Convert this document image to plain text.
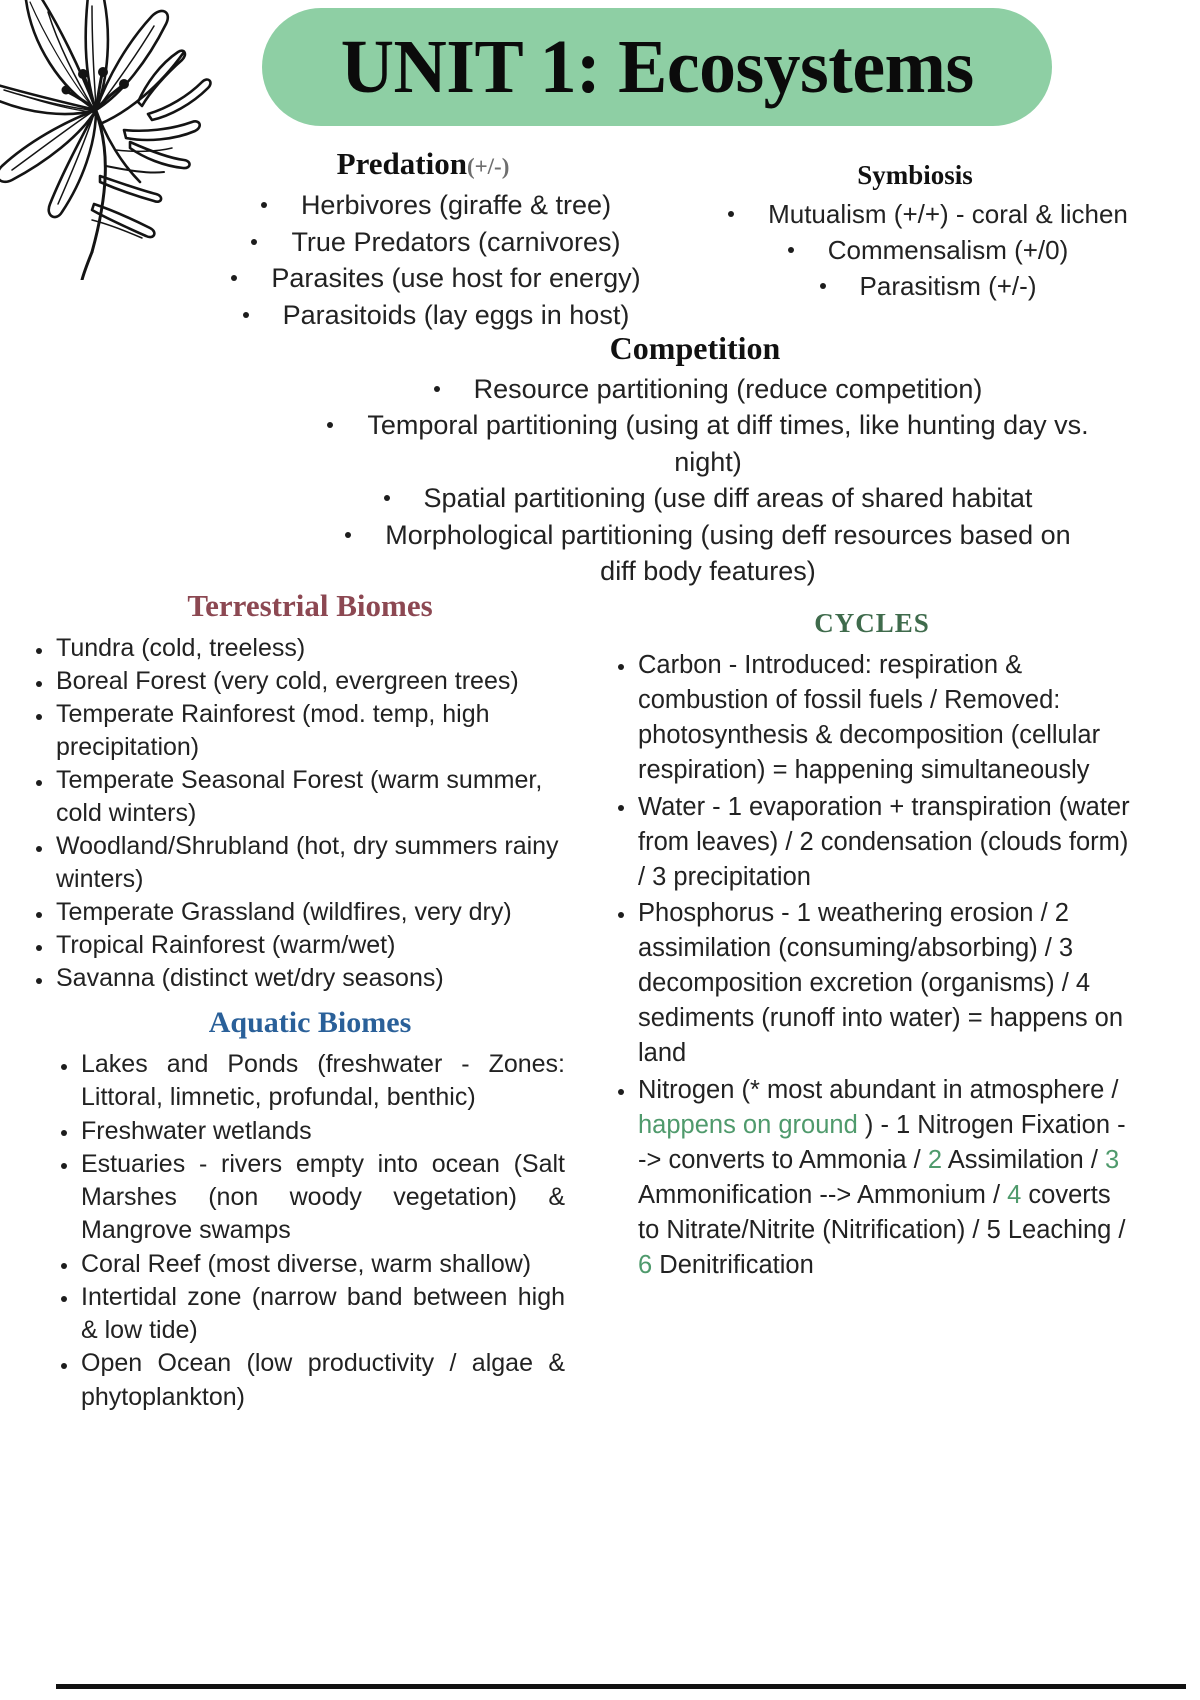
UNIT 1: Ecosystems
Predation(+/-)
Herbivores (giraffe & tree)
True Predators (carnivores)
Parasites (use host for energy)
Parasitoids (lay eggs in host)
Symbiosis
Mutualism (+/+) - coral & lichen
Commensalism (+/0)
Parasitism (+/-)
Competition
Resource partitioning (reduce competition)
Temporal partitioning (using at diff times, like hunting day vs. night)
Spatial partitioning (use diff areas of shared habitat
Morphological partitioning (using deff resources based on diff body features)
Terrestrial Biomes
Tundra (cold, treeless)
Boreal Forest (very cold, evergreen trees)
Temperate Rainforest (mod. temp, high precipitation)
Temperate Seasonal Forest (warm summer, cold winters)
Woodland/Shrubland (hot, dry summers rainy winters)
Temperate Grassland (wildfires, very dry)
Tropical Rainforest (warm/wet)
Savanna (distinct wet/dry seasons)
Aquatic Biomes
Lakes and Ponds (freshwater - Zones: Littoral, limnetic, profundal, benthic)
Freshwater wetlands
Estuaries - rivers empty into ocean (Salt Marshes (non woody vegetation) & Mangrove swamps
Coral Reef (most diverse, warm shallow)
Intertidal zone (narrow band between high & low tide)
Open Ocean (low productivity / algae & phytoplankton)
CYCLES
Carbon - Introduced: respiration & combustion of fossil fuels / Removed: photosynthesis & decomposition (cellular respiration) = happening simultaneously
Water - 1 evaporation + transpiration (water from leaves) / 2 condensation (clouds form) / 3 precipitation
Phosphorus - 1 weathering erosion / 2 assimilation (consuming/absorbing) / 3 decomposition excretion (organisms) / 4 sediments (runoff into water) = happens on land
Nitrogen (* most abundant in atmosphere / happens on ground ) - 1 Nitrogen Fixation --> converts to Ammonia / 2 Assimilation / 3 Ammonification --> Ammonium / 4 coverts to Nitrate/Nitrite (Nitrification) / 5 Leaching / 6 Denitrification
